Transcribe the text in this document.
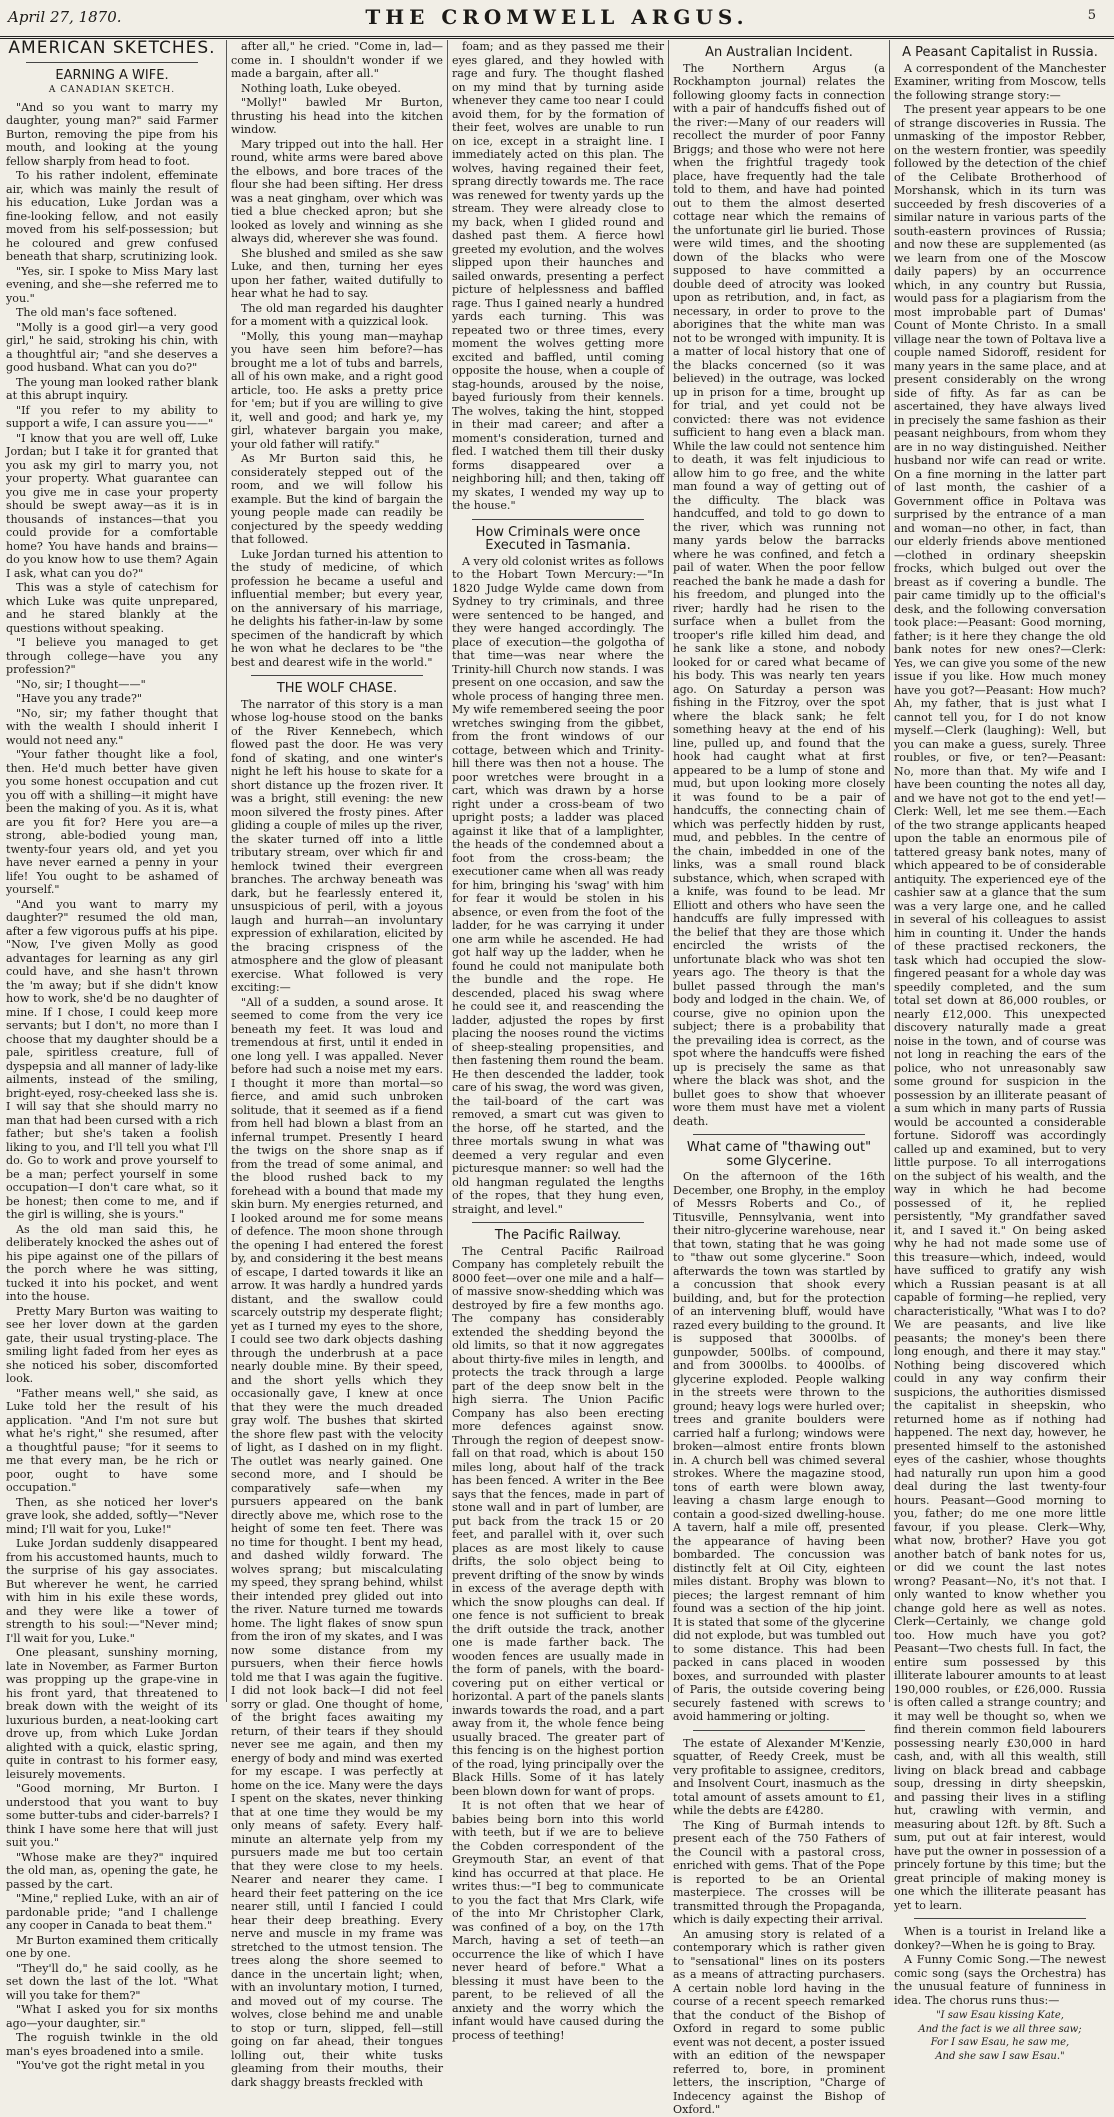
April 27, 1870.	THE CROMWELL ARGUS.	5
AMERICAN SKETCHES.
EARNING A WIFE.
A CANADIAN SKETCH.

"And so you want to marry my daughter, young man?" said Farmer Burton, removing the pipe from his mouth, and looking at the young fellow sharply from head to foot.

To his rather indolent, effeminate air, which was mainly the result of his education, Luke Jordan was a fine-looking fellow, and not easily moved from his self-possession; but he coloured and grew confused beneath that sharp, scrutinizing look.

"Yes, sir. I spoke to Miss Mary last evening, and she—she referred me to you."

The old man's face softened.

"Molly is a good girl—a very good girl," he said, stroking his chin, with a thoughtful air; "and she deserves a good husband. What can you do?"

The young man looked rather blank at this abrupt inquiry.

"If you refer to my ability to support a wife, I can assure you——"

"I know that you are well off, Luke Jordan; but I take it for granted that you ask my girl to marry you, not your property. What guarantee can you give me in case your property should be swept away—as it is in thousands of instances—that you could provide for a comfortable home? You have hands and brains—do you know how to use them? Again I ask, what can you do?"

This was a style of catechism for which Luke was quite unprepared, and he stared blankly at the questions without speaking.

"I believe you managed to get through college—have you any profession?"

"No, sir; I thought——"

"Have you any trade?"

"No, sir; my father thought that with the wealth I should inherit I would not need any."

"Your father thought like a fool, then. He'd much better have given you some honest occupation and cut you off with a shilling—it might have been the making of you. As it is, what are you fit for? Here you are—a strong, able-bodied young man, twenty-four years old, and yet you have never earned a penny in your life! You ought to be ashamed of yourself."

"And you want to marry my daughter?" resumed the old man, after a few vigorous puffs at his pipe. "Now, I've given Molly as good advantages for learning as any girl could have, and she hasn't thrown the 'm away; but if she didn't know how to work, she'd be no daughter of mine. If I chose, I could keep more servants; but I don't, no more than I choose that my daughter should be a pale, spiritless creature, full of dyspepsia and all manner of lady-like ailments, instead of the smiling, bright-eyed, rosy-cheeked lass she is. I will say that she should marry no man that had been cursed with a rich father; but she's taken a foolish liking to you, and I'll tell you what I'll do. Go to work and prove yourself to be a man; perfect yourself in some occupation—I don't care what, so it be honest; then come to me, and if the girl is willing, she is yours."

As the old man said this, he deliberately knocked the ashes out of his pipe against one of the pillars of the porch where he was sitting, tucked it into his pocket, and went into the house.

Pretty Mary Burton was waiting to see her lover down at the garden gate, their usual trysting-place. The smiling light faded from her eyes as she noticed his sober, discomforted look.

"Father means well," she said, as Luke told her the result of his application. "And I'm not sure but what he's right," she resumed, after a thoughtful pause; "for it seems to me that every man, be he rich or poor, ought to have some occupation."

Then, as she noticed her lover's grave look, she added, softly—"Never mind; I'll wait for you, Luke!"

Luke Jordan suddenly disappeared from his accustomed haunts, much to the surprise of his gay associates. But wherever he went, he carried with him in his exile these words, and they were like a tower of strength to his soul:—"Never mind; I'll wait for you, Luke."

One pleasant, sunshiny morning, late in November, as Farmer Burton was propping up the grape-vine in his front yard, that threatened to break down with the weight of its luxurious burden, a neat-looking cart drove up, from which Luke Jordan alighted with a quick, elastic spring, quite in contrast to his former easy, leisurely movements.

"Good morning, Mr Burton. I understood that you want to buy some butter-tubs and cider-barrels? I think I have some here that will just suit you."

"Whose make are they?" inquired the old man, as, opening the gate, he passed by the cart.

"Mine," replied Luke, with an air of pardonable pride; "and I challenge any cooper in Canada to beat them."

Mr Burton examined them critically one by one.

"They'll do," he said coolly, as he set down the last of the lot. "What will you take for them?"

"What I asked you for six months ago—your daughter, sir."

The roguish twinkle in the old man's eyes broadened into a smile.

"You've got the right metal in you

after all," he cried. "Come in, lad—come in. I shouldn't wonder if we made a bargain, after all."

Nothing loath, Luke obeyed.

"Molly!" bawled Mr Burton, thrusting his head into the kitchen window.

Mary tripped out into the hall. Her round, white arms were bared above the elbows, and bore traces of the flour she had been sifting. Her dress was a neat gingham, over which was tied a blue checked apron; but she looked as lovely and winning as she always did, wherever she was found.

She blushed and smiled as she saw Luke, and then, turning her eyes upon her father, waited dutifully to hear what he had to say.

The old man regarded his daughter for a moment with a quizzical look.

"Molly, this young man—mayhap you have seen him before?—has brought me a lot of tubs and barrels, all of his own make, and a right good article, too. He asks a pretty price for 'em; but if you are willing to give it, well and good; and hark ye, my girl, whatever bargain you make, your old father will ratify."

As Mr Burton said this, he considerately stepped out of the room, and we will follow his example. But the kind of bargain the young people made can readily be conjectured by the speedy wedding that followed.

Luke Jordan turned his attention to the study of medicine, of which profession he became a useful and influential member; but every year, on the anniversary of his marriage, he delights his father-in-law by some specimen of the handicraft by which he won what he declares to be "the best and dearest wife in the world."

THE WOLF CHASE.

The narrator of this story is a man whose log-house stood on the banks of the River Kennebech, which flowed past the door. He was very fond of skating, and one winter's night he left his house to skate for a short distance up the frozen river. It was a bright, still evening: the new moon silvered the frosty pines. After gliding a couple of miles up the river, the skater turned off into a little tributary stream, over which fir and hemlock twined their evergreen branches. The archway beneath was dark, but he fearlessly entered it, unsuspicious of peril, with a joyous laugh and hurrah—an involuntary expression of exhilaration, elicited by the bracing crispness of the atmosphere and the glow of pleasant exercise. What followed is very exciting:—

"All of a sudden, a sound arose. It seemed to come from the very ice beneath my feet. It was loud and tremendous at first, until it ended in one long yell. I was appalled. Never before had such a noise met my ears. I thought it more than mortal—so fierce, and amid such unbroken solitude, that it seemed as if a fiend from hell had blown a blast from an infernal trumpet. Presently I heard the twigs on the shore snap as if from the tread of some animal, and the blood rushed back to my forehead with a bound that made my skin burn. My energies returned, and I looked around me for some means of defence. The moon shone through the opening I had entered the forest by, and considering it the best means of escape, I darted towards it like an arrow. It was hardly a hundred yards distant, and the swallow could scarcely outstrip my desperate flight; yet as I turned my eyes to the shore, I could see two dark objects dashing through the underbrush at a pace nearly double mine. By their speed, and the short yells which they occasionally gave, I knew at once that they were the much dreaded gray wolf. The bushes that skirted the shore flew past with the velocity of light, as I dashed on in my flight. The outlet was nearly gained. One second more, and I should be comparatively safe—when my pursuers appeared on the bank directly above me, which rose to the height of some ten feet. There was no time for thought. I bent my head, and dashed wildly forward. The wolves sprang; but miscalculating my speed, they sprang behind, whilst their intended prey glided out into the river. Nature turned me towards home. The light flakes of snow spun from the iron of my skates, and I was now some distance from my pursuers, when their fierce howls told me that I was again the fugitive. I did not look back—I did not feel sorry or glad. One thought of home, of the bright faces awaiting my return, of their tears if they should never see me again, and then my energy of body and mind was exerted for my escape. I was perfectly at home on the ice. Many were the days I spent on the skates, never thinking that at one time they would be my only means of safety. Every half-minute an alternate yelp from my pursuers made me but too certain that they were close to my heels. Nearer and nearer they came. I heard their feet pattering on the ice nearer still, until I fancied I could hear their deep breathing. Every nerve and muscle in my frame was stretched to the utmost tension. The trees along the shore seemed to dance in the uncertain light; when, with an involuntary motion, I turned, and moved out of my course. The wolves, close behind me and unable to stop or turn, slipped, fell—still going on far ahead, their tongues lolling out, their white tusks gleaming from their mouths, their dark shaggy breasts freckled with

foam; and as they passed me their eyes glared, and they howled with rage and fury. The thought flashed on my mind that by turning aside whenever they came too near I could avoid them, for by the formation of their feet, wolves are unable to run on ice, except in a straight line. I immediately acted on this plan. The wolves, having regained their feet, sprang directly towards me. The race was renewed for twenty yards up the stream. They were already close to my back, when I glided round and dashed past them. A fierce howl greeted my evolution, and the wolves slipped upon their haunches and sailed onwards, presenting a perfect picture of helplessness and baffled rage. Thus I gained nearly a hundred yards each turning. This was repeated two or three times, every moment the wolves getting more excited and baffled, until coming opposite the house, when a couple of stag-hounds, aroused by the noise, bayed furiously from their kennels. The wolves, taking the hint, stopped in their mad career; and after a moment's consideration, turned and fled. I watched them till their dusky forms disappeared over a neighboring hill; and then, taking off my skates, I wended my way up to the house."

How Criminals were once Executed in Tasmania.

A very old colonist writes as follows to the Hobart Town Mercury:—"In 1820 Judge Wylde came down from Sydney to try criminals, and three were sentenced to be hanged, and they were hanged accordingly. The place of execution—the golgotha of that time—was near where the Trinity-hill Church now stands. I was present on one occasion, and saw the whole process of hanging three men. My wife remembered seeing the poor wretches swinging from the gibbet, from the front windows of our cottage, between which and Trinity-hill there was then not a house. The poor wretches were brought in a cart, which was drawn by a horse right under a cross-beam of two upright posts; a ladder was placed against it like that of a lamplighter, the heads of the condemned about a foot from the cross-beam; the executioner came when all was ready for him, bringing his 'swag' with him for fear it would be stolen in his absence, or even from the foot of the ladder, for he was carrying it under one arm while he ascended. He had got half way up the ladder, when he found he could not manipulate both the bundle and the rope. He descended, placed his swag where he could see it, and reascending the ladder, adjusted the ropes by first placing the nooses round the victims of sheep-stealing propensities, and then fastening them round the beam. He then descended the ladder, took care of his swag, the word was given, the tail-board of the cart was removed, a smart cut was given to the horse, off he started, and the three mortals swung in what was deemed a very regular and even picturesque manner: so well had the old hangman regulated the lengths of the ropes, that they hung even, straight, and level."

The Pacific Railway.

The Central Pacific Railroad Company has completely rebuilt the 8000 feet—over one mile and a half—of massive snow-shedding which was destroyed by fire a few months ago. The company has considerably extended the shedding beyond the old limits, so that it now aggregates about thirty-five miles in length, and protects the track through a large part of the deep snow belt in the high sierra. The Union Pacific Company has also been erecting more defences against snow. Through the region of deepest snow-fall on that road, which is about 150 miles long, about half of the track has been fenced. A writer in the Bee says that the fences, made in part of stone wall and in part of lumber, are put back from the track 15 or 20 feet, and parallel with it, over such places as are most likely to cause drifts, the solo object being to prevent drifting of the snow by winds in excess of the average depth with which the snow ploughs can deal. If one fence is not sufficient to break the drift outside the track, another one is made farther back. The wooden fences are usually made in the form of panels, with the board-covering put on either vertical or horizontal. A part of the panels slants inwards towards the road, and a part away from it, the whole fence being usually braced. The greater part of this fencing is on the highest portion of the road, lying principally over the Black Hills. Some of it has lately been blown down for want of props.

It is not often that we hear of babies being born into this world with teeth, but if we are to believe the Cobden correspondent of the Greymouth Star, an event of that kind has occurred at that place. He writes thus:—"I beg to communicate to you the fact that Mrs Clark, wife of the into Mr Christopher Clark, was confined of a boy, on the 17th March, having a set of teeth—an occurrence the like of which I have never heard of before." What a blessing it must have been to the parent, to be relieved of all the anxiety and the worry which the infant would have caused during the process of teething!

An Australian Incident.

The Northern Argus (a Rockhampton journal) relates the following gloomy facts in connection with a pair of handcuffs fished out of the river:—Many of our readers will recollect the murder of poor Fanny Briggs; and those who were not here when the frightful tragedy took place, have frequently had the tale told to them, and have had pointed out to them the almost deserted cottage near which the remains of the unfortunate girl lie buried. Those were wild times, and the shooting down of the blacks who were supposed to have committed a double deed of atrocity was looked upon as retribution, and, in fact, as necessary, in order to prove to the aborigines that the white man was not to be wronged with impunity. It is a matter of local history that one of the blacks concerned (so it was believed) in the outrage, was locked up in prison for a time, brought up for trial, and yet could not be convicted: there was not evidence sufficient to hang even a black man. While the law could not sentence him to death, it was felt injudicious to allow him to go free, and the white man found a way of getting out of the difficulty. The black was handcuffed, and told to go down to the river, which was running not many yards below the barracks where he was confined, and fetch a pail of water. When the poor fellow reached the bank he made a dash for his freedom, and plunged into the river; hardly had he risen to the surface when a bullet from the trooper's rifle killed him dead, and he sank like a stone, and nobody looked for or cared what became of his body. This was nearly ten years ago. On Saturday a person was fishing in the Fitzroy, over the spot where the black sank; he felt something heavy at the end of his line, pulled up, and found that the hook had caught what at first appeared to be a lump of stone and mud, but upon looking more closely it was found to be a pair of handcuffs, the connecting chain of which was perfectly hidden by rust, mud, and pebbles. In the centre of the chain, imbedded in one of the links, was a small round black substance, which, when scraped with a knife, was found to be lead. Mr Elliott and others who have seen the handcuffs are fully impressed with the belief that they are those which encircled the wrists of the unfortunate black who was shot ten years ago. The theory is that the bullet passed through the man's body and lodged in the chain. We, of course, give no opinion upon the subject; there is a probability that the prevailing idea is correct, as the spot where the handcuffs were fished up is precisely the same as that where the black was shot, and the bullet goes to show that whoever wore them must have met a violent death.

What came of "thawing out" some Glycerine.

On the afternoon of the 16th December, one Brophy, in the employ of Messrs Roberts and Co., of Titusville, Pennsylvania, went into their nitro-glycerine warehouse, near that town, stating that he was going to "thaw out some glycerine." Soon afterwards the town was startled by a concussion that shook every building, and, but for the protection of an intervening bluff, would have razed every building to the ground. It is supposed that 3000lbs. of gunpowder, 500lbs. of compound, and from 3000lbs. to 4000lbs. of glycerine exploded. People walking in the streets were thrown to the ground; heavy logs were hurled over; trees and granite boulders were carried half a furlong; windows were broken—almost entire fronts blown in. A church bell was chimed several strokes. Where the magazine stood, tons of earth were blown away, leaving a chasm large enough to contain a good-sized dwelling-house. A tavern, half a mile off, presented the appearance of having been bombarded. The concussion was distinctly felt at Oil City, eighteen miles distant. Brophy was blown to pieces; the largest remnant of him found was a section of the hip joint. It is stated that some of the glycerine did not explode, but was tumbled out to some distance. This had been packed in cans placed in wooden boxes, and surrounded with plaster of Paris, the outside covering being securely fastened with screws to avoid hammering or jolting.

The estate of Alexander M'Kenzie, squatter, of Reedy Creek, must be very profitable to assignee, creditors, and Insolvent Court, inasmuch as the total amount of assets amount to £1, while the debts are £4280.

The King of Burmah intends to present each of the 750 Fathers of the Council with a pastoral cross, enriched with gems. That of the Pope is reported to be an Oriental masterpiece. The crosses will be transmitted through the Propaganda, which is daily expecting their arrival.

An amusing story is related of a contemporary which is rather given to "sensational" lines on its posters as a means of attracting purchasers. A certain noble lord having in the course of a recent speech remarked that the conduct of the Bishop of Oxford in regard to some public event was not decent, a poster issued with an edition of the newspaper referred to, bore, in prominent letters, the inscription, "Charge of Indecency against the Bishop of Oxford."

A Peasant Capitalist in Russia.

A correspondent of the Manchester Examiner, writing from Moscow, tells the following strange story:—

The present year appears to be one of strange discoveries in Russia. The unmasking of the impostor Rebber, on the western frontier, was speedily followed by the detection of the chief of the Celibate Brotherhood of Morshansk, which in its turn was succeeded by fresh discoveries of a similar nature in various parts of the south-eastern provinces of Russia; and now these are supplemented (as we learn from one of the Moscow daily papers) by an occurrence which, in any country but Russia, would pass for a plagiarism from the most improbable part of Dumas' Count of Monte Christo. In a small village near the town of Poltava live a couple named Sidoroff, resident for many years in the same place, and at present considerably on the wrong side of fifty. As far as can be ascertained, they have always lived in precisely the same fashion as their peasant neighbours, from whom they are in no way distinguished. Neither husband nor wife can read or write. On a fine morning in the latter part of last month, the cashier of a Government office in Poltava was surprised by the entrance of a man and woman—no other, in fact, than our elderly friends above mentioned—clothed in ordinary sheepskin frocks, which bulged out over the breast as if covering a bundle. The pair came timidly up to the official's desk, and the following conversation took place:—Peasant: Good morning, father; is it here they change the old bank notes for new ones?—Clerk: Yes, we can give you some of the new issue if you like. How much money have you got?—Peasant: How much? Ah, my father, that is just what I cannot tell you, for I do not know myself.—Clerk (laughing): Well, but you can make a guess, surely. Three roubles, or five, or ten?—Peasant: No, more than that. My wife and I have been counting the notes all day, and we have not got to the end yet!—Clerk: Well, let me see them.—Each of the two strange applicants heaped upon the table an enormous pile of tattered greasy bank notes, many of which appeared to be of considerable antiquity. The experienced eye of the cashier saw at a glance that the sum was a very large one, and he called in several of his colleagues to assist him in counting it. Under the hands of these practised reckoners, the task which had occupied the slow-fingered peasant for a whole day was speedily completed, and the sum total set down at 86,000 roubles, or nearly £12,000. This unexpected discovery naturally made a great noise in the town, and of course was not long in reaching the ears of the police, who not unreasonably saw some ground for suspicion in the possession by an illiterate peasant of a sum which in many parts of Russia would be accounted a considerable fortune. Sidoroff was accordingly called up and examined, but to very little purpose. To all interrogations on the subject of his wealth, and the way in which he had become possessed of it, he replied persistently, "My grandfather saved it, and I saved it." On being asked why he had not made some use of this treasure—which, indeed, would have sufficed to gratify any wish which a Russian peasant is at all capable of forming—he replied, very characteristically, "What was I to do? We are peasants, and live like peasants; the money's been there long enough, and there it may stay." Nothing being discovered which could in any way confirm their suspicions, the authorities dismissed the capitalist in sheepskin, who returned home as if nothing had happened. The next day, however, he presented himself to the astonished eyes of the cashier, whose thoughts had naturally run upon him a good deal during the last twenty-four hours. Peasant—Good morning to you, father; do me one more little favour, if you please. Clerk—Why, what now, brother? Have you got another batch of bank notes for us, or did we count the last notes wrong? Peasant—No, it's not that. I only wanted to know whether you change gold here as well as notes. Clerk—Certainly, we change gold too. How much have you got? Peasant—Two chests full. In fact, the entire sum possessed by this illiterate labourer amounts to at least 190,000 roubles, or £26,000. Russia is often called a strange country; and it may well be thought so, when we find therein common field labourers possessing nearly £30,000 in hard cash, and, with all this wealth, still living on black bread and cabbage soup, dressing in dirty sheepskin, and passing their lives in a stifling hut, crawling with vermin, and measuring about 12ft. by 8ft. Such a sum, put out at fair interest, would have put the owner in possession of a princely fortune by this time; but the great principle of making money is one which the illiterate peasant has yet to learn.

When is a tourist in Ireland like a donkey?—When he is going to Bray.

A Funny Comic Song.—The newest comic song (says the Orchestra) has the unusual feature of funniness in idea. The chorus runs thus:—

"I saw Esau kissing Kate,
And the fact is we all three saw;
For I saw Esau, he saw me,
And she saw I saw Esau."
